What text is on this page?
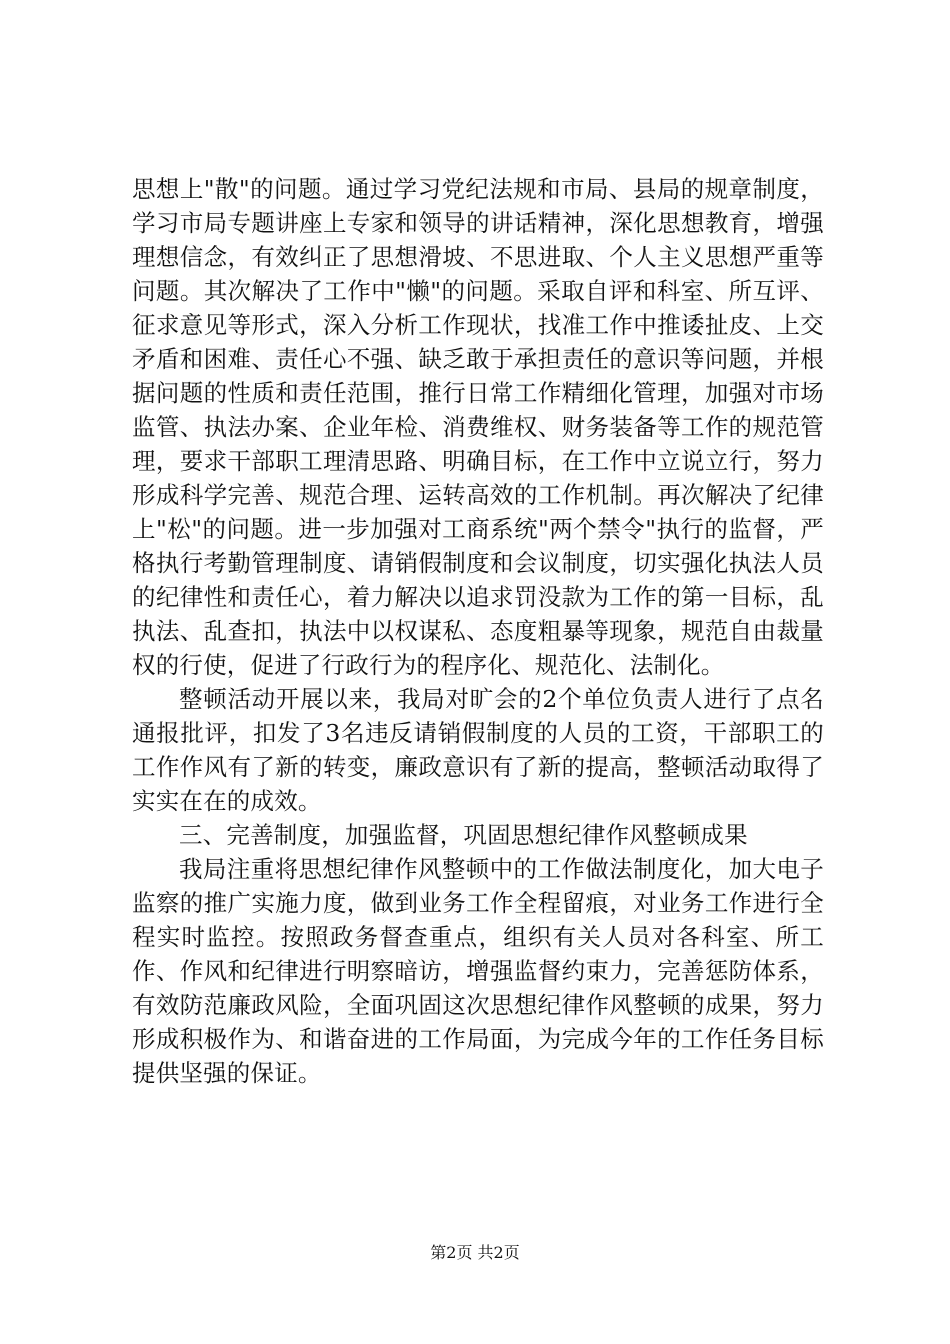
思想上"散"的问题。通过学习党纪法规和市局、县局的规章制度，学习市局专题讲座上专家和领导的讲话精神，深化思想教育，增强理想信念，有效纠正了思想滑坡、不思进取、个人主义思想严重等问题。其次解决了工作中"懒"的问题。采取自评和科室、所互评、征求意见等形式，深入分析工作现状，找准工作中推诿扯皮、上交矛盾和困难、责任心不强、缺乏敢于承担责任的意识等问题，并根据问题的性质和责任范围，推行日常工作精细化管理，加强对市场监管、执法办案、企业年检、消费维权、财务装备等工作的规范管理，要求干部职工理清思路、明确目标，在工作中立说立行，努力形成科学完善、规范合理、运转高效的工作机制。再次解决了纪律上"松"的问题。进一步加强对工商系统"两个禁令"执行的监督，严格执行考勤管理制度、请销假制度和会议制度，切实强化执法人员的纪律性和责任心，着力解决以追求罚没款为工作的第一目标，乱执法、乱查扣，执法中以权谋私、态度粗暴等现象，规范自由裁量权的行使，促进了行政行为的程序化、规范化、法制化。

整顿活动开展以来，我局对旷会的2个单位负责人进行了点名通报批评，扣发了3名违反请销假制度的人员的工资，干部职工的工作作风有了新的转变，廉政意识有了新的提高，整顿活动取得了实实在在的成效。

三、完善制度，加强监督，巩固思想纪律作风整顿成果

我局注重将思想纪律作风整顿中的工作做法制度化，加大电子监察的推广实施力度，做到业务工作全程留痕，对业务工作进行全程实时监控。按照政务督查重点，组织有关人员对各科室、所工作、作风和纪律进行明察暗访，增强监督约束力，完善惩防体系，有效防范廉政风险，全面巩固这次思想纪律作风整顿的成果，努力形成积极作为、和谐奋进的工作局面，为完成今年的工作任务目标提供坚强的保证。

第2页 共2页
